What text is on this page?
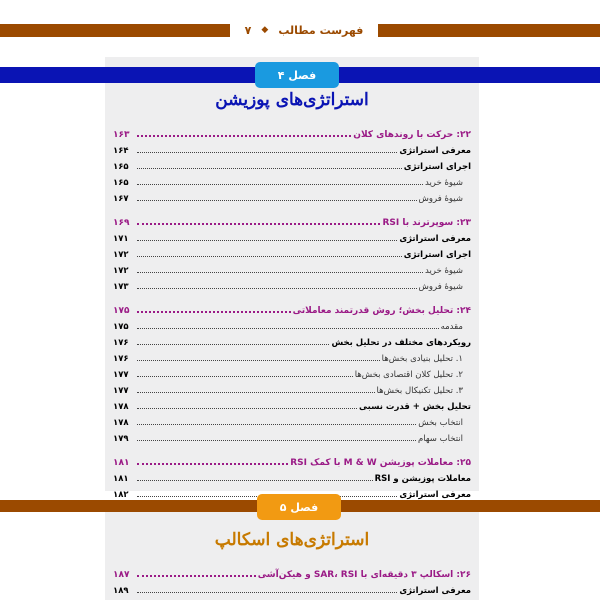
فهرست مطالب
◆
۷
فصل ۴
استراتژی‌های پوزیشن
۲۲: حرکت با روندهای کلان
۱۶۳
معرفی استراتژی
۱۶۴
اجرای استراتژی
۱۶۵
شیوهٔ خرید
۱۶۵
شیوهٔ فروش
۱۶۷
۲۳: سوپرترند با RSI
۱۶۹
معرفی استراتژی
۱۷۱
اجرای استراتژی
۱۷۲
شیوهٔ خرید
۱۷۲
شیوهٔ فروش
۱۷۳
۲۴: تحلیل بخش؛ روش قدرتمند معاملاتی
۱۷۵
مقدمه
۱۷۵
رویکردهای مختلف در تحلیل بخش
۱۷۶
۱. تحلیل بنیادی بخش‌ها
۱۷۶
۲. تحلیل کلان اقتصادی بخش‌ها
۱۷۷
۳. تحلیل تکنیکال بخش‌ها
۱۷۷
تحلیل بخش + قدرت نسبی
۱۷۸
انتخاب بخش
۱۷۸
انتخاب سهام
۱۷۹
۲۵: معاملات پوزیشن M & W با کمک RSI
۱۸۱
معاملات پوزیشن و RSI
۱۸۱
معرفی استراتژی
۱۸۲
فصل ۵
استراتژی‌های اسکالپ
۲۶: اسکالپ ۳ دقیقه‌ای با SAR، RSI و هیکن‌آشی
۱۸۷
معرفی استراتژی
۱۸۹
